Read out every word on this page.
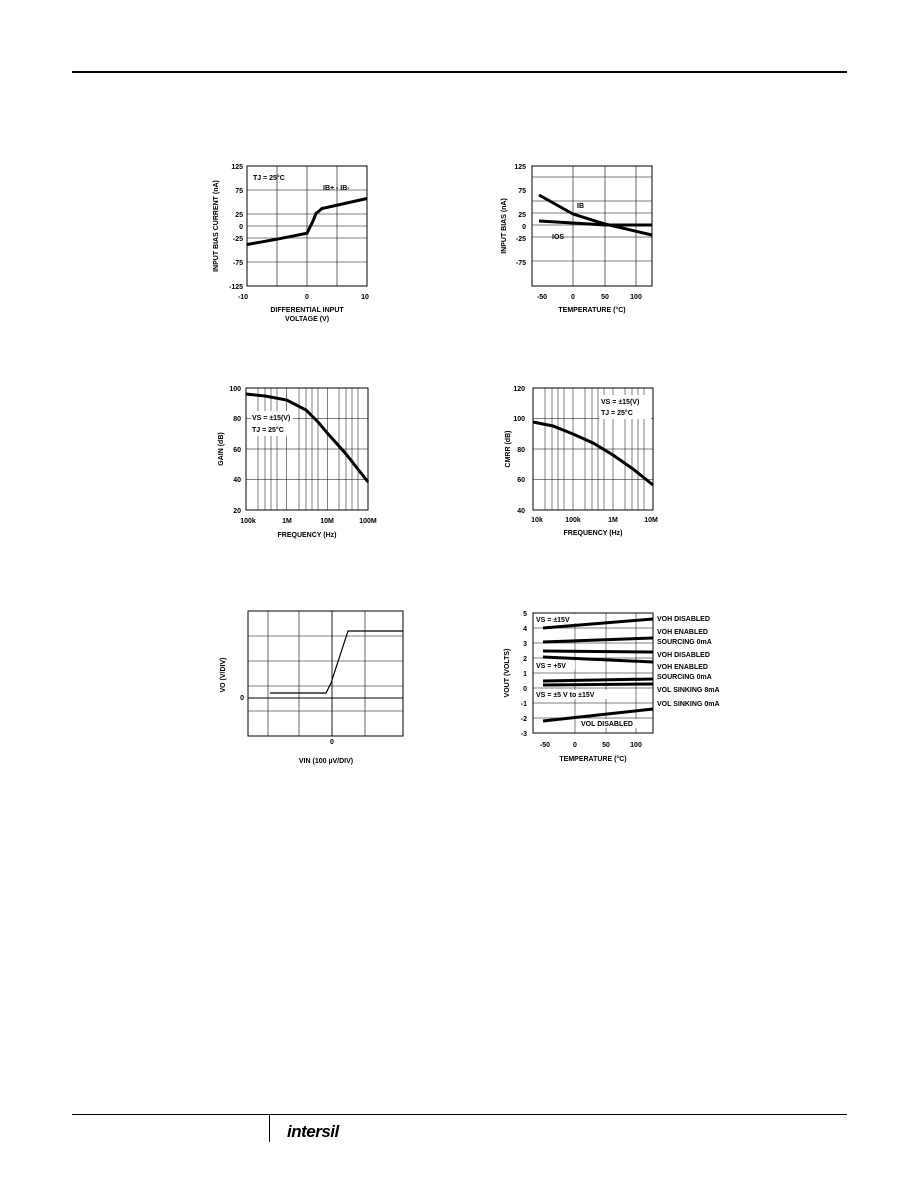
intersil
125
75
25
0
-25
-75
-125
-10	0	10
INPUT BIAS CURRENT (nA)
DIFFERENTIAL INPUT
VOLTAGE (V)
TJ = 25°C
IB+ - IB-
125
75
25
0
-25
-75
-50	0	50	100
INPUT BIAS (nA)
TEMPERATURE (°C)
IB
IOS
100
80
60
40
20
100k	1M	10M	100M
GAIN (dB)
FREQUENCY (Hz)
VS = ±15(V)
TJ = 25°C
120
100
80
60
40
10k	100k	1M	10M
CMRR (dB)
FREQUENCY (Hz)
VS = ±15(V)
TJ = 25°C
0
0
VO (V/DIV)
VIN (100 µV/DIV)
5
4
3
2
1
0
-1
-2
-3
-50	0	50	100
VOUT (VOLTS)
TEMPERATURE (°C)
VS = ±15V
VS = +5V
VS = ±5 V to ±15V
VOH DISABLED
VOH ENABLED
SOURCING 0mA
VOH DISABLED
VOH ENABLED
SOURCING 0mA
VOL SINKING 8mA
VOL SINKING 0mA
VOL DISABLED
